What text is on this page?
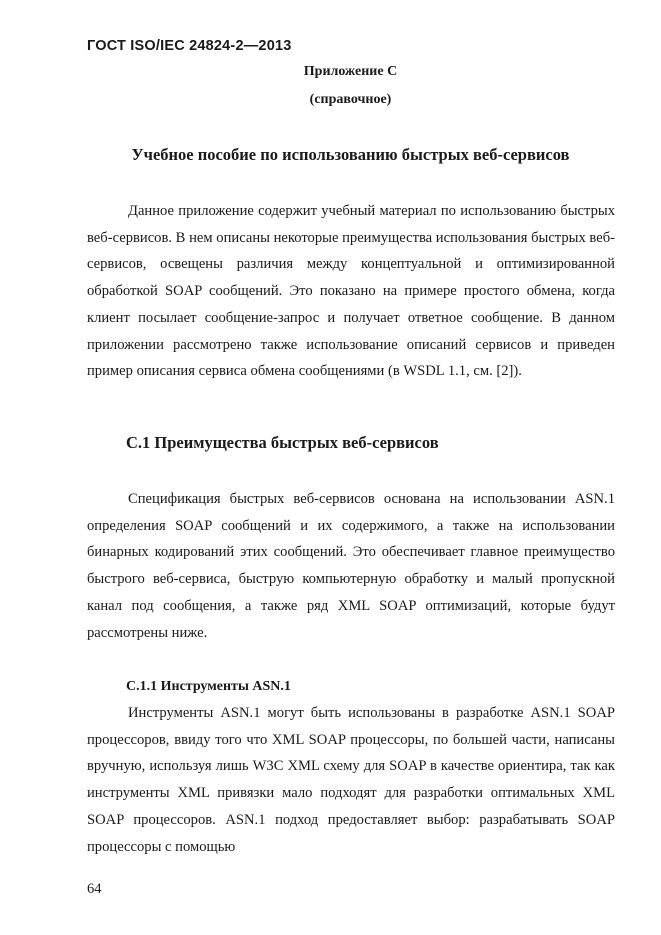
ГОСТ ISO/IEC 24824-2—2013
Приложение С
(справочное)
Учебное пособие по использованию быстрых веб-сервисов

Данное приложение содержит учебный материал по использованию быстрых веб-сервисов. В нем описаны некоторые преимущества использования быстрых веб-сервисов, освещены различия между концептуальной и оптимизированной обработкой SOAP сообщений. Это показано на примере простого обмена, когда клиент посылает сообщение-запрос и получает ответное сообщение. В данном приложении рассмотрено также использование описаний сервисов и приведен пример описания сервиса обмена сообщениями (в WSDL 1.1, см. [2]).

С.1 Преимущества быстрых веб-сервисов

Спецификация быстрых веб-сервисов основана на использовании ASN.1 определения SOAP сообщений и их содержимого, а также на использовании бинарных кодирований этих сообщений. Это обеспечивает главное преимущество быстрого веб-сервиса, быструю компьютерную обработку и малый пропускной канал под сообщения, а также ряд XML SOAP оптимизаций, которые будут рассмотрены ниже.

С.1.1 Инструменты ASN.1

Инструменты ASN.1 могут быть использованы в разработке ASN.1 SOAP процессоров, ввиду того что XML SOAP процессоры, по большей части, написаны вручную, используя лишь W3C XML схему для SOAP в качестве ориентира, так как инструменты XML привязки мало подходят для разработки оптимальных XML SOAP процессоров. ASN.1 подход предоставляет выбор: разрабатывать SOAP процессоры с помощью

64
